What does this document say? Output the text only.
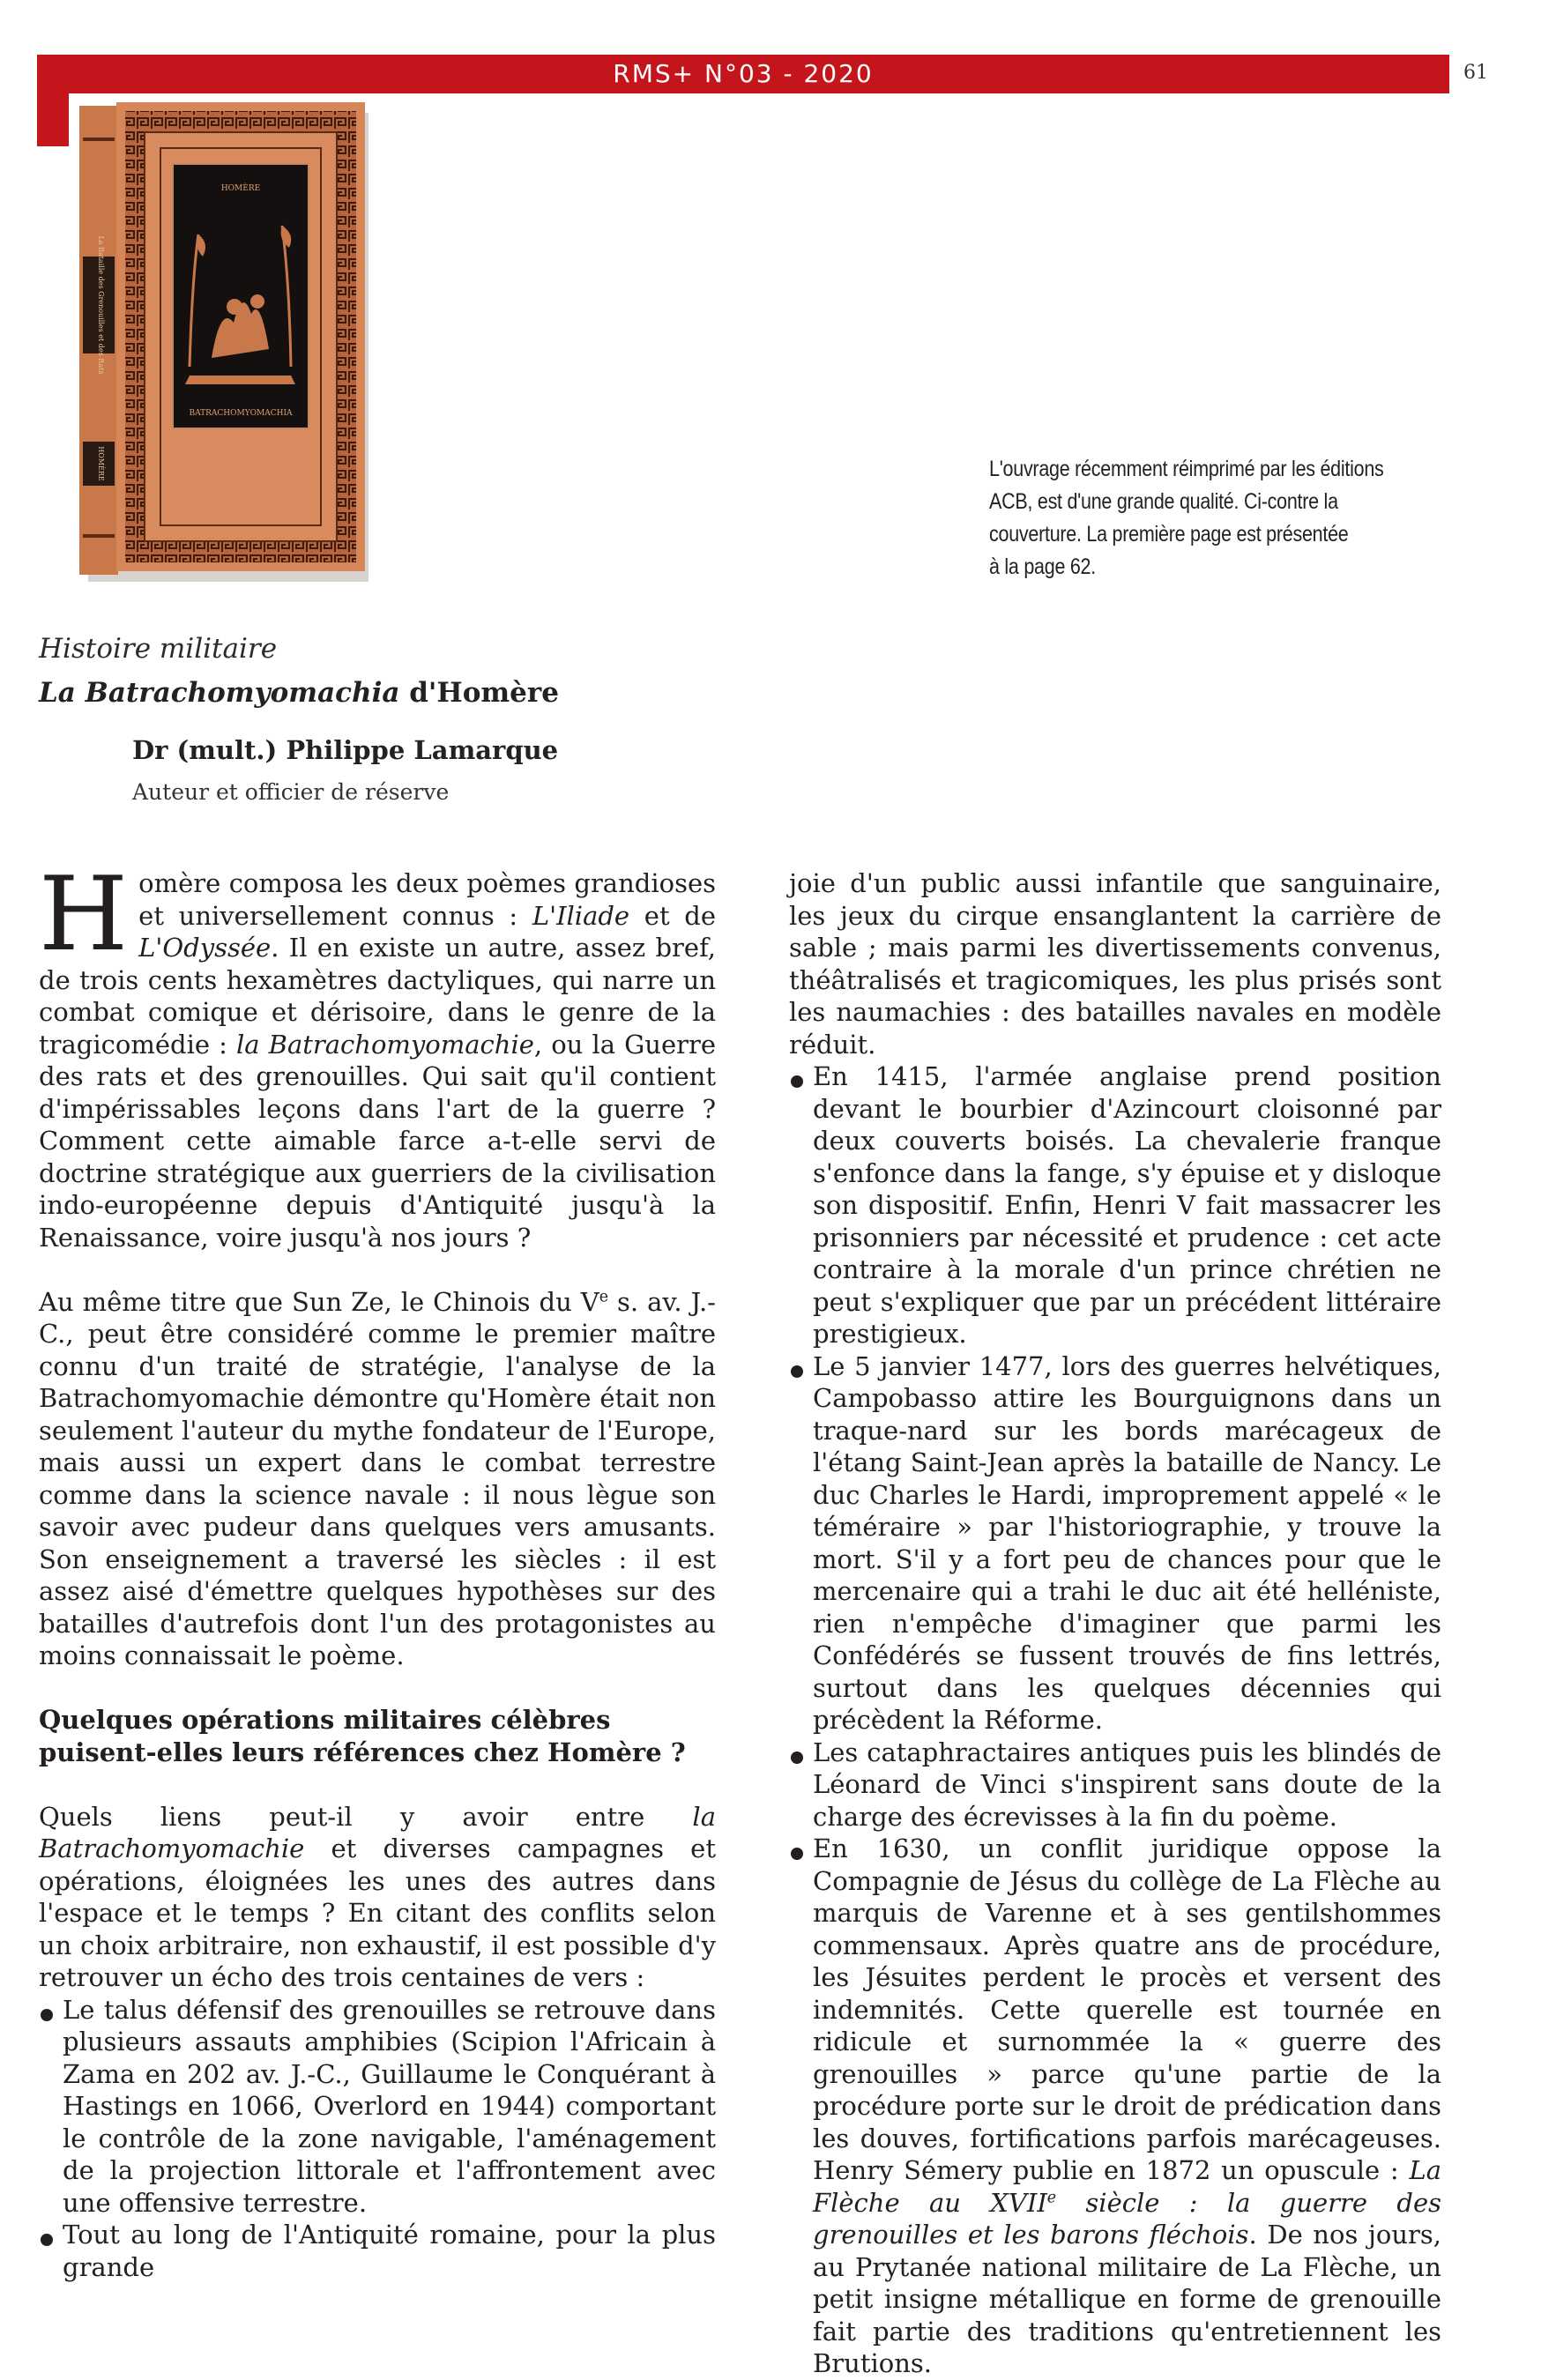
RMS+ N°03 - 2020	61
La Bataille des Grenouilles et des Rats
HOMÈRE
HOMÈRE
BATRACHOMYOMACHIA
L'ouvrage récemment réimprimé par les éditions
ACB, est d'une grande qualité. Ci-contre la
couverture. La première page est présentée
à la page 62.
Histoire militaire
La Batrachomyomachia d'Homère
Dr (mult.) Philippe Lamarque
Auteur et officier de réserve

Homère composa les deux poèmes grandioses et universellement connus : L'Iliade et de L'Odyssée. Il en existe un autre, assez bref, de trois cents hexamètres dactyliques, qui narre un combat comique et dérisoire, dans le genre de la tragicomédie : la Batrachomyomachie, ou la Guerre des rats et des grenouilles. Qui sait qu'il contient d'impérissables leçons dans l'art de la guerre ? Comment cette aimable farce a-t-elle servi de doctrine stratégique aux guerriers de la civilisation indo-européenne depuis d'Antiquité jusqu'à la Renaissance, voire jusqu'à nos jours ?

Au même titre que Sun Ze, le Chinois du Ve s. av. J.-C., peut être considéré comme le premier maître connu d'un traité de stratégie, l'analyse de la Batrachomyomachie démontre qu'Homère était non seulement l'auteur du mythe fondateur de l'Europe, mais aussi un expert dans le combat terrestre comme dans la science navale : il nous lègue son savoir avec pudeur dans quelques vers amusants. Son enseignement a traversé les siècles : il est assez aisé d'émettre quelques hypothèses sur des batailles d'autrefois dont l'un des protagonistes au moins connaissait le poème.

Quelques opérations militaires célèbres puisent-elles leurs références chez Homère ?

Quels liens peut-il y avoir entre la Batrachomyomachie et diverses campagnes et opérations, éloignées les unes des autres dans l'espace et le temps ? En citant des conflits selon un choix arbitraire, non exhaustif, il est possible d'y retrouver un écho des trois centaines de vers :

Le talus défensif des grenouilles se retrouve dans plusieurs assauts amphibies (Scipion l'Africain à Zama en 202 av. J.-C., Guillaume le Conquérant à Hastings en 1066, Overlord en 1944) comportant le contrôle de la zone navigable, l'aménagement de la projection littorale et l'affrontement avec une offensive terrestre.
Tout au long de l'Antiquité romaine, pour la plus grande

joie d'un public aussi infantile que sanguinaire, les jeux du cirque ensanglantent la carrière de sable ; mais parmi les divertissements convenus, théâtralisés et tragicomiques, les plus prisés sont les naumachies : des batailles navales en modèle réduit.

En 1415, l'armée anglaise prend position devant le bourbier d'Azincourt cloisonné par deux couverts boisés. La chevalerie franque s'enfonce dans la fange, s'y épuise et y disloque son dispositif. Enfin, Henri V fait massacrer les prisonniers par nécessité et prudence : cet acte contraire à la morale d'un prince chrétien ne peut s'expliquer que par un précédent littéraire prestigieux.
Le 5 janvier 1477, lors des guerres helvétiques, Campobasso attire les Bourguignons dans un traque-nard sur les bords marécageux de l'étang Saint-Jean après la bataille de Nancy. Le duc Charles le Hardi, improprement appelé « le téméraire » par l'historiographie, y trouve la mort. S'il y a fort peu de chances pour que le mercenaire qui a trahi le duc ait été helléniste, rien n'empêche d'imaginer que parmi les Confédérés se fussent trouvés de fins lettrés, surtout dans les quelques décennies qui précèdent la Réforme.
Les cataphractaires antiques puis les blindés de Léonard de Vinci s'inspirent sans doute de la charge des écrevisses à la fin du poème.
En 1630, un conflit juridique oppose la Compagnie de Jésus du collège de La Flèche au marquis de Varenne et à ses gentilshommes commensaux. Après quatre ans de procédure, les Jésuites perdent le procès et versent des indemnités. Cette querelle est tournée en ridicule et surnommée la « guerre des grenouilles » parce qu'une partie de la procédure porte sur le droit de prédication dans les douves, fortifications parfois marécageuses. Henry Sémery publie en 1872 un opuscule : La Flèche au XVIIe siècle : la guerre des grenouilles et les barons fléchois. De nos jours, au Prytanée national militaire de La Flèche, un petit insigne métallique en forme de grenouille fait partie des traditions qu'entretiennent les Brutions.
